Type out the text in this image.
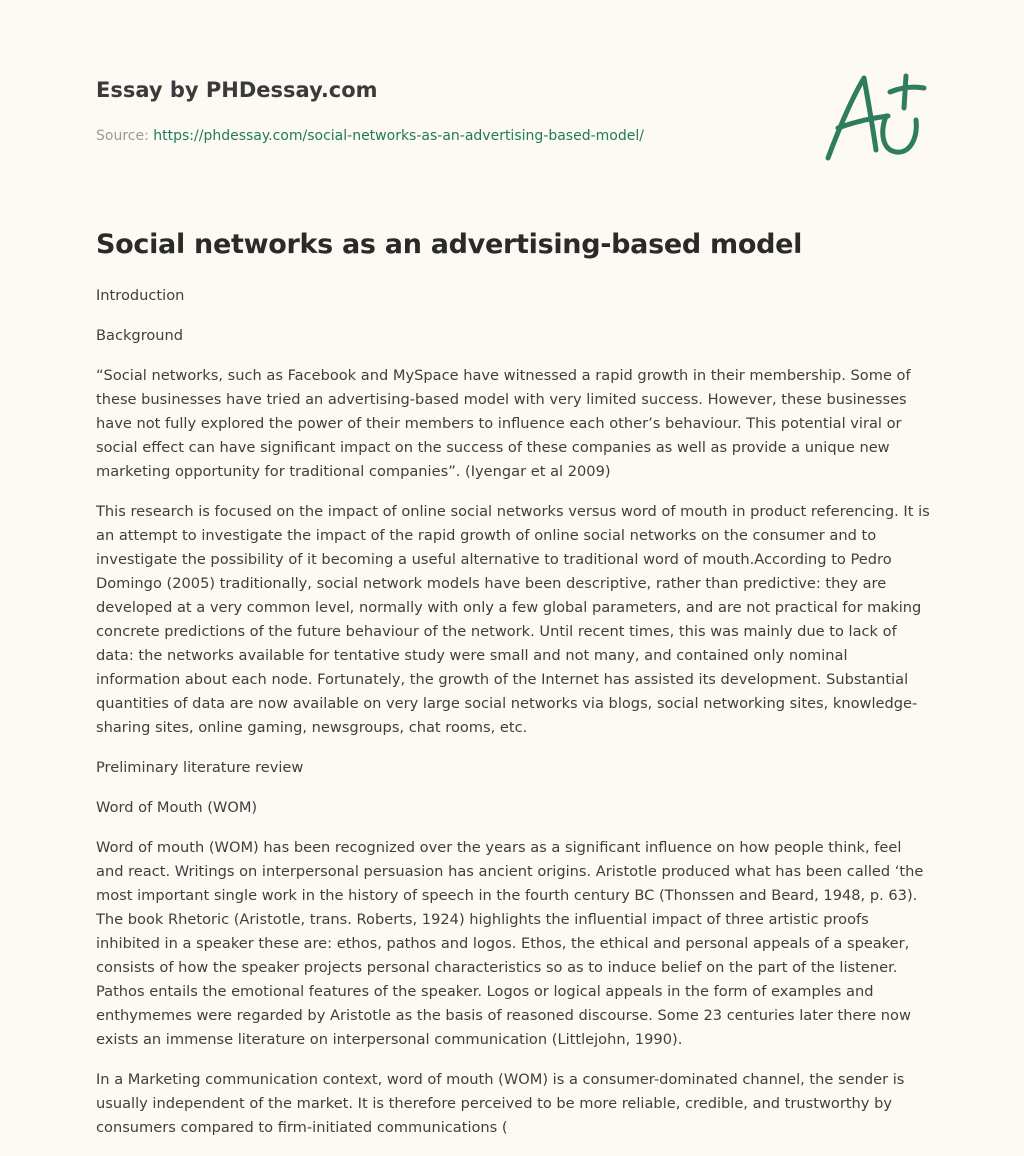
Essay by PHDessay.com
Source: https://phdessay.com/social-networks-as-an-advertising-based-model/
Social networks as an advertising-based model

Introduction

Background

“Social networks, such as Facebook and MySpace have witnessed a rapid growth in their membership. Some of these businesses have tried an advertising-based model with very limited success. However, these businesses have not fully explored the power of their members to influence each other’s behaviour. This potential viral or social effect can have significant impact on the success of these companies as well as provide a unique new marketing opportunity for traditional companies”. (Iyengar et al 2009)

This research is focused on the impact of online social networks versus word of mouth in product referencing. It is an attempt to investigate the impact of the rapid growth of online social networks on the consumer and to investigate the possibility of it becoming a useful alternative to traditional word of mouth.According to Pedro Domingo (2005) traditionally, social network models have been descriptive, rather than predictive: they are developed at a very common level, normally with only a few global parameters, and are not practical for making concrete predictions of the future behaviour of the network. Until recent times, this was mainly due to lack of data: the networks available for tentative study were small and not many, and contained only nominal information about each node. Fortunately, the growth of the Internet has assisted its development. Substantial quantities of data are now available on very large social networks via blogs, social networking sites, knowledge-sharing sites, online gaming, newsgroups, chat rooms, etc.

Preliminary literature review

Word of Mouth (WOM)

Word of mouth (WOM) has been recognized over the years as a significant influence on how people think, feel and react. Writings on interpersonal persuasion has ancient origins. Aristotle produced what has been called ‘the most important single work in the history of speech in the fourth century BC (Thonssen and Beard, 1948, p. 63). The book Rhetoric (Aristotle, trans. Roberts, 1924) highlights the influential impact of three artistic proofs inhibited in a speaker these are: ethos, pathos and logos. Ethos, the ethical and personal appeals of a speaker, consists of how the speaker projects personal characteristics so as to induce belief on the part of the listener. Pathos entails the emotional features of the speaker. Logos or logical appeals in the form of examples and enthymemes were regarded by Aristotle as the basis of reasoned discourse. Some 23 centuries later there now exists an immense literature on interpersonal communication (Littlejohn, 1990).

In a Marketing communication context, word of mouth (WOM) is a consumer-dominated channel, the sender is usually independent of the market. It is therefore perceived to be more reliable, credible, and trustworthy by consumers compared to firm-initiated communications (
